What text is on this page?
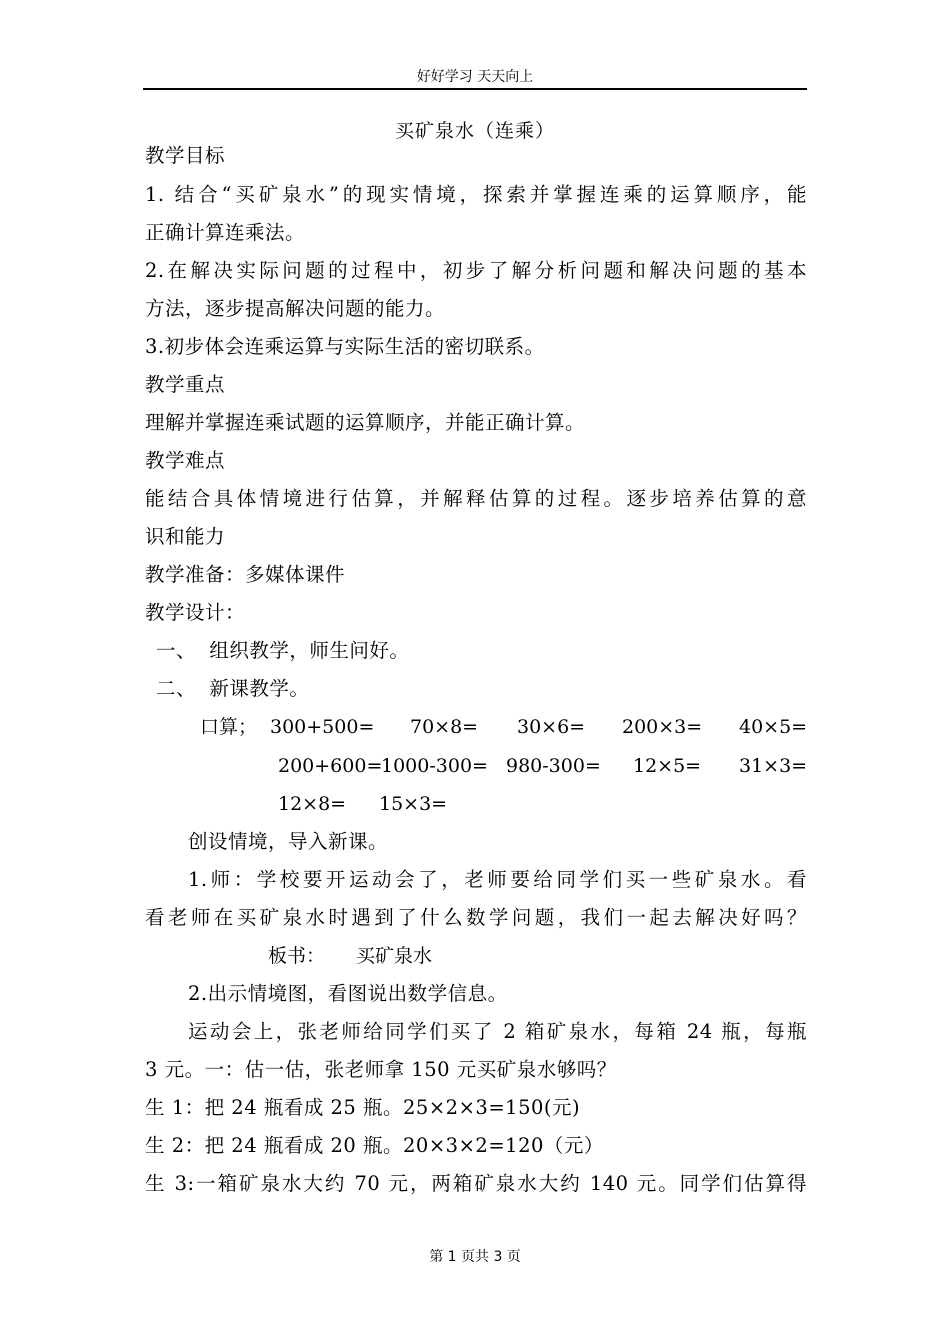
好好学习 天天向上
买矿泉水（连乘）
教学目标
1. 结合“买矿泉水”的现实情境，探索并掌握连乘的运算顺序，能
正确计算连乘法。
2.在解决实际问题的过程中，初步了解分析问题和解决问题的基本
方法，逐步提高解决问题的能力。
3.初步体会连乘运算与实际生活的密切联系。
教学重点
理解并掌握连乘试题的运算顺序，并能正确计算。
教学难点
能结合具体情境进行估算，并解释估算的过程。逐步培养估算的意
识和能力
教学准备：多媒体课件
教学设计：
一、  组织教学，师生问好。
二、  新课教学。
口算； 300+500= 70×8= 30×6= 200×3= 40×5=
200+600=
1000-300= 980-300= 12×5= 31×3=
12×8= 15×3=
创设情境，导入新课。
1.师：学校要开运动会了，老师要给同学们买一些矿泉水。看
看老师在买矿泉水时遇到了什么数学问题，我们一起去解决好吗？
板书： 买矿泉水
2.出示情境图，看图说出数学信息。
运动会上，张老师给同学们买了 2 箱矿泉水，每箱 24 瓶，每瓶
3 元。一：估一估，张老师拿 150 元买矿泉水够吗？
生 1：把 24 瓶看成 25 瓶。25×2×3=150(元)
生 2：把 24 瓶看成 20 瓶。20×3×2=120（元）
生 3:一箱矿泉水大约 70 元，两箱矿泉水大约 140 元。同学们估算得
第 1 页共 3 页
